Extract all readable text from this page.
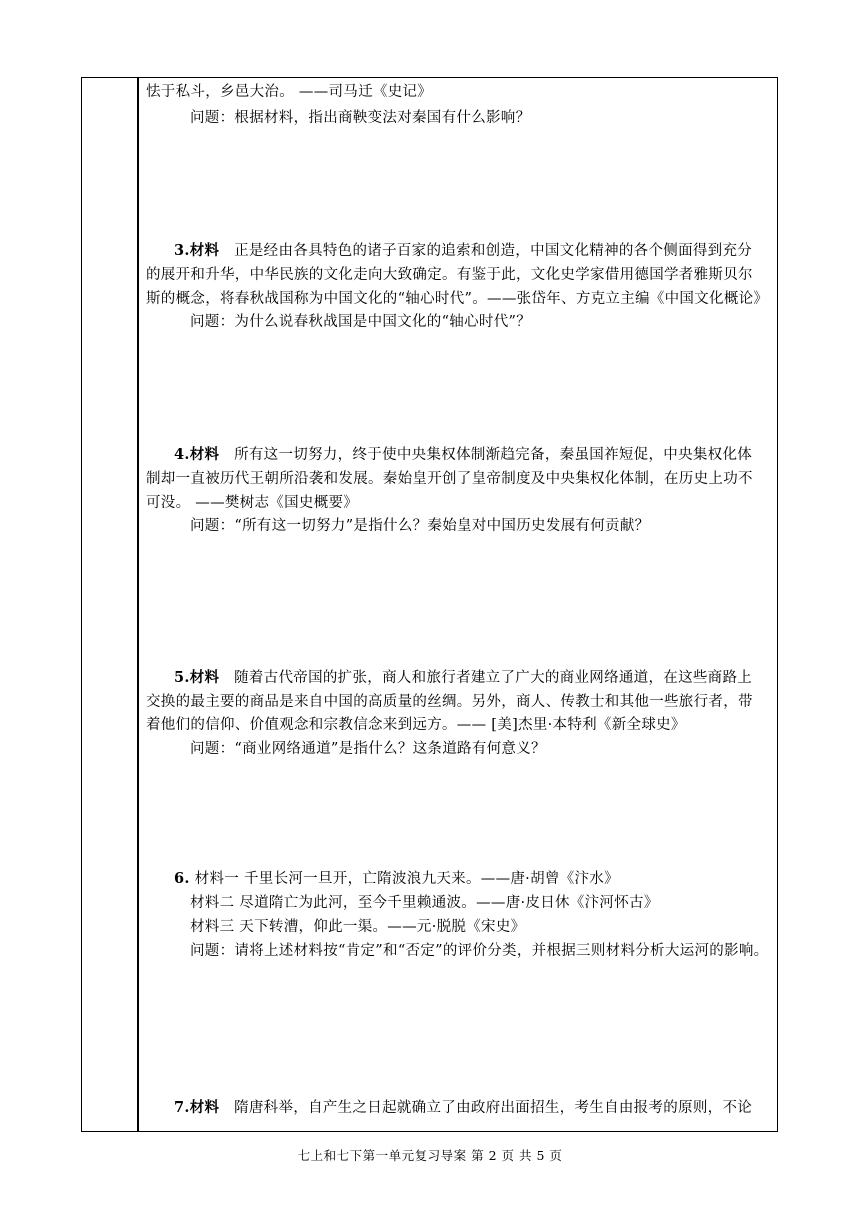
怯于私斗，乡邑大治。 ——司马迁《史记》
问题：根据材料，指出商鞅变法对秦国有什么影响？
3.材料 正是经由各具特色的诸子百家的追索和创造，中国文化精神的各个侧面得到充分
的展开和升华，中华民族的文化走向大致确定。有鉴于此，文化史学家借用德国学者雅斯贝尔
斯的概念，将春秋战国称为中国文化的“轴心时代”。——张岱年、方克立主编《中国文化概论》
问题：为什么说春秋战国是中国文化的“轴心时代”？
4.材料 所有这一切努力，终于使中央集权体制渐趋完备，秦虽国祚短促，中央集权化体
制却一直被历代王朝所沿袭和发展。秦始皇开创了皇帝制度及中央集权化体制，在历史上功不
可没。 ——樊树志《国史概要》
问题：“所有这一切努力”是指什么？秦始皇对中国历史发展有何贡献？
5.材料 随着古代帝国的扩张，商人和旅行者建立了广大的商业网络通道，在这些商路上
交换的最主要的商品是来自中国的高质量的丝绸。另外，商人、传教士和其他一些旅行者，带
着他们的信仰、价值观念和宗教信念来到远方。—— [美]杰里·本特利《新全球史》
问题：“商业网络通道”是指什么？这条道路有何意义？
6. 材料一 千里长河一旦开，亡隋波浪九天来。——唐·胡曾《汴水》
材料二 尽道隋亡为此河，至今千里赖通波。——唐·皮日休《汴河怀古》
材料三 天下转漕，仰此一渠。——元·脱脱《宋史》
问题：请将上述材料按“肯定”和“否定”的评价分类，并根据三则材料分析大运河的影响。
7.材料 隋唐科举，自产生之日起就确立了由政府出面招生，考生自由报考的原则，不论
七上和七下第一单元复习导案 第 2 页 共 5 页
